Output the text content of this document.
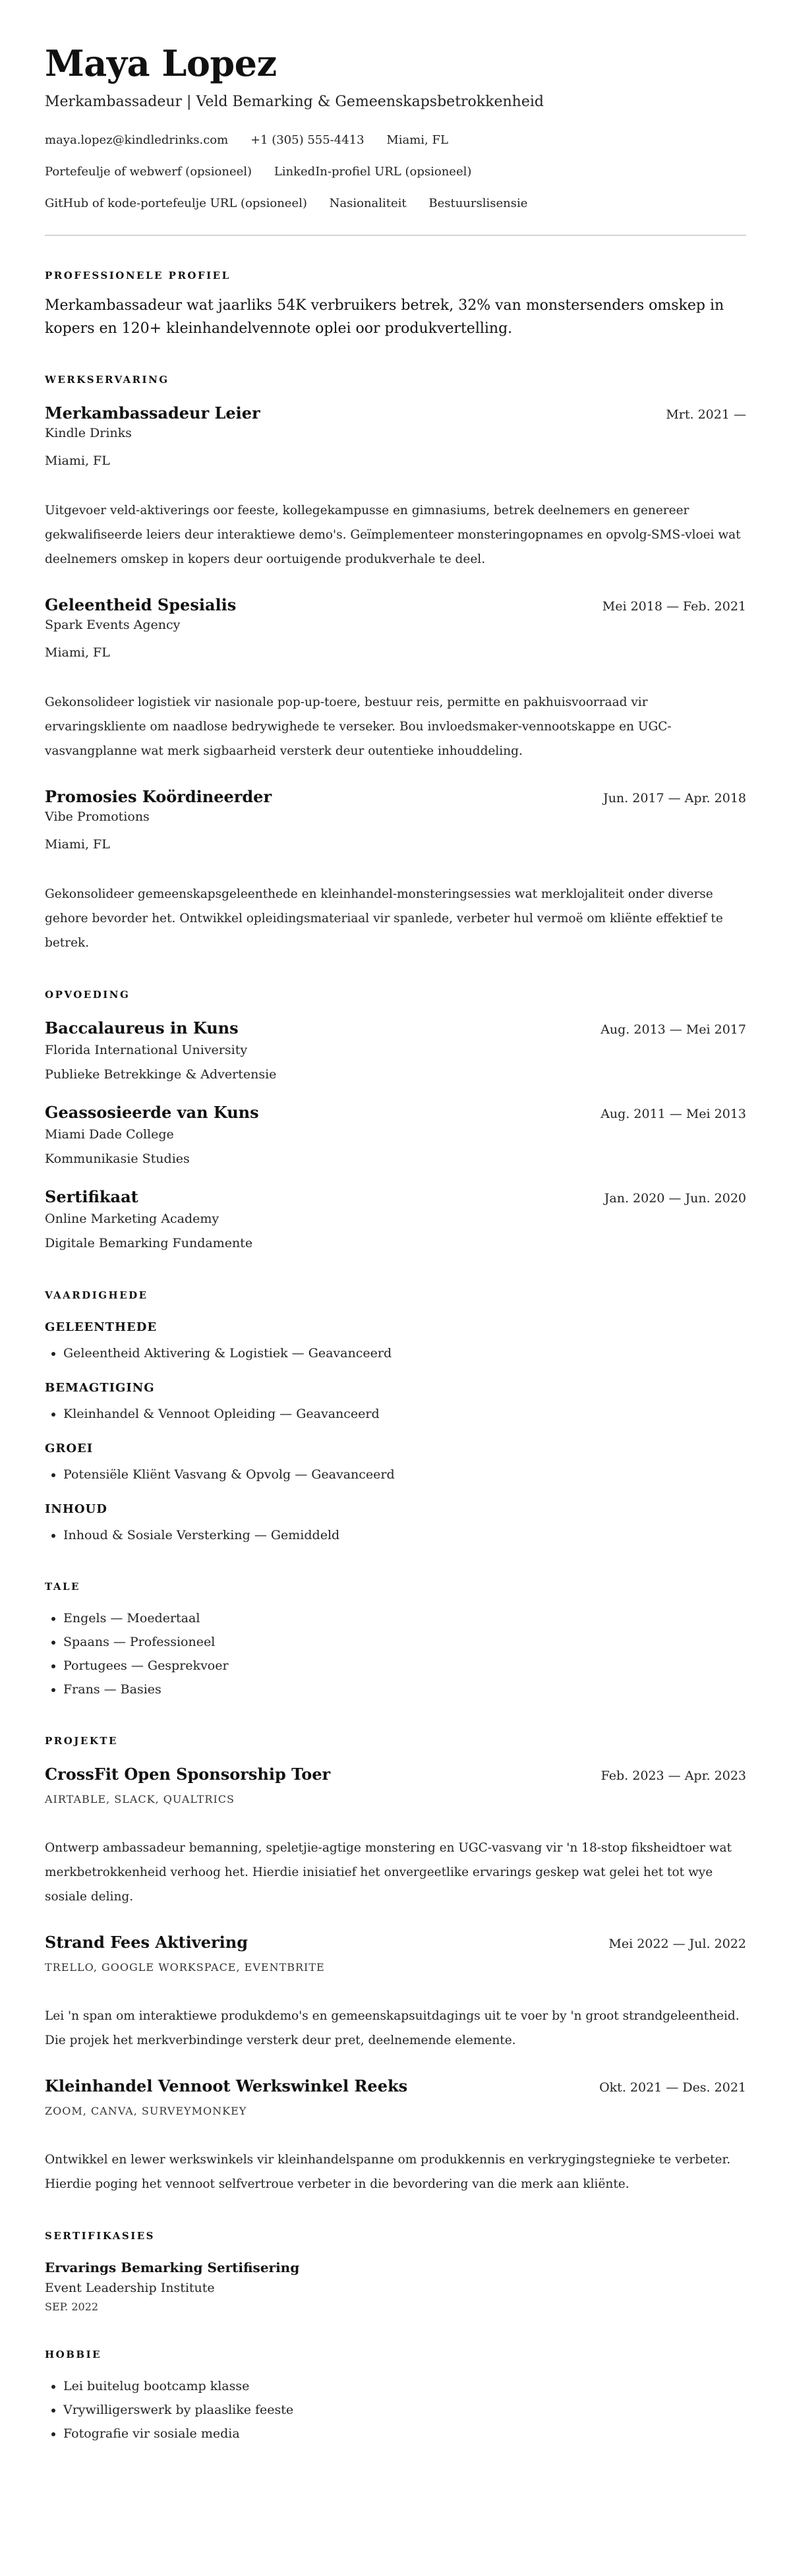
Maya Lopez
Merkambassadeur | Veld Bemarking & Gemeenskapsbetrokkenheid
maya.lopez@kindledrinks.com +1 (305) 555-4413 Miami, FL
Portefeulje of webwerf (opsioneel) LinkedIn-profiel URL (opsioneel)
GitHub of kode-portefeulje URL (opsioneel) Nasionaliteit Bestuurslisensie
PROFESSIONELE PROFIEL

Merkambassadeur wat jaarliks 54K verbruikers betrek, 32% van monstersenders omskep in kopers en 120+ kleinhandelvennote oplei oor produkvertelling.

WERKSERVARING
Merkambassadeur Leier	Mrt. 2021 —
Kindle Drinks
Miami, FL

Uitgevoer veld-aktiverings oor feeste, kollegekampusse en gimnasiums, betrek deelnemers en genereer gekwalifiseerde leiers deur interaktiewe demo's. Geïmplementeer monsteringopnames en opvolg-SMS-vloei wat deelnemers omskep in kopers deur oortuigende produkverhale te deel.

Geleentheid Spesialis	Mei 2018 — Feb. 2021
Spark Events Agency
Miami, FL

Gekonsolideer logistiek vir nasionale pop-up-toere, bestuur reis, permitte en pakhuisvoorraad vir ervaringskliente om naadlose bedrywighede te verseker. Bou invloedsmaker-vennootskappe en UGC-vasvangplanne wat merk sigbaarheid versterk deur outentieke inhouddeling.

Promosies Koördineerder	Jun. 2017 — Apr. 2018
Vibe Promotions
Miami, FL

Gekonsolideer gemeenskapsgeleenthede en kleinhandel-monsteringsessies wat merklojaliteit onder diverse gehore bevorder het. Ontwikkel opleidingsmateriaal vir spanlede, verbeter hul vermoë om kliënte effektief te betrek.

OPVOEDING
Baccalaureus in Kuns	Aug. 2013 — Mei 2017
Florida International University
Publieke Betrekkinge & Advertensie
Geassosieerde van Kuns	Aug. 2011 — Mei 2013
Miami Dade College
Kommunikasie Studies
Sertifikaat	Jan. 2020 — Jun. 2020
Online Marketing Academy
Digitale Bemarking Fundamente
VAARDIGHEDE
GELEENTHEDE
• Geleentheid Aktivering & Logistiek — Geavanceerd
BEMAGTIGING
• Kleinhandel & Vennoot Opleiding — Geavanceerd
GROEI
• Potensiële Kliënt Vasvang & Opvolg — Geavanceerd
INHOUD
• Inhoud & Sosiale Versterking — Gemiddeld
TALE
• Engels — Moedertaal
• Spaans — Professioneel
• Portugees — Gesprekvoer
• Frans — Basies
PROJEKTE
CrossFit Open Sponsorship Toer	Feb. 2023 — Apr. 2023
AIRTABLE, SLACK, QUALTRICS

Ontwerp ambassadeur bemanning, speletjie-agtige monstering en UGC-vasvang vir 'n 18-stop fiksheidtoer wat merkbetrokkenheid verhoog het. Hierdie inisiatief het onvergeetlike ervarings geskep wat gelei het tot wye sosiale deling.

Strand Fees Aktivering	Mei 2022 — Jul. 2022
TRELLO, GOOGLE WORKSPACE, EVENTBRITE

Lei 'n span om interaktiewe produkdemo's en gemeenskapsuitdagings uit te voer by 'n groot strandgeleentheid. Die projek het merkverbindinge versterk deur pret, deelnemende elemente.

Kleinhandel Vennoot Werkswinkel Reeks	Okt. 2021 — Des. 2021
ZOOM, CANVA, SURVEYMONKEY

Ontwikkel en lewer werkswinkels vir kleinhandelspanne om produkkennis en verkrygingstegnieke te verbeter. Hierdie poging het vennoot selfvertroue verbeter in die bevordering van die merk aan kliënte.

SERTIFIKASIES
Ervarings Bemarking Sertifisering
Event Leadership Institute
SEP. 2022
HOBBIE
• Lei buitelug bootcamp klasse
• Vrywilligerswerk by plaaslike feeste
• Fotografie vir sosiale media
